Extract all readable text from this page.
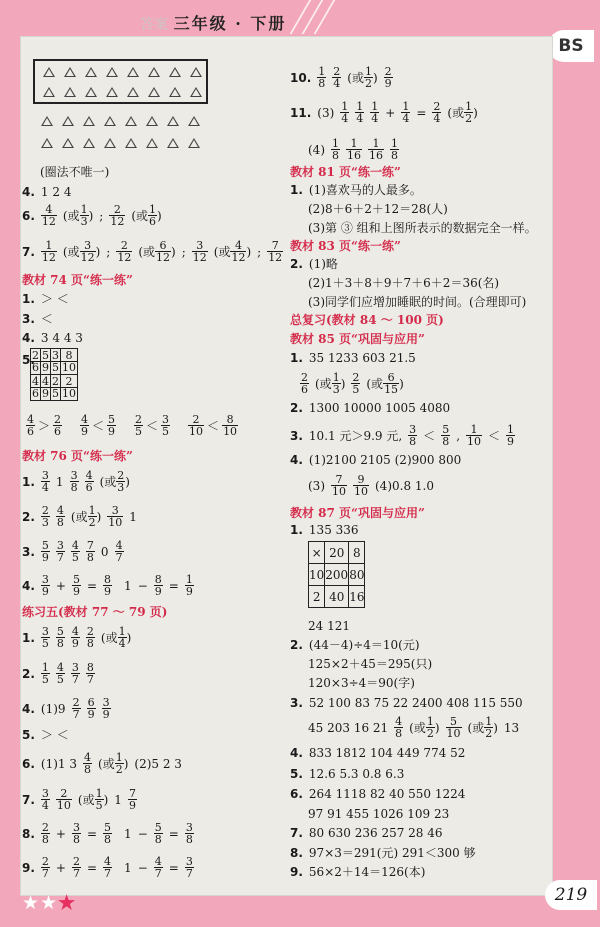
答案 三年级 · 下册
BS
(圈法不唯一)
4. 1 2 4
6. $\frac{4}{12}$ (或 $\frac{1}{3}$ ) ; $\frac{2}{12}$ (或 $\frac{1}{6}$ )
7. $\frac{1}{12}$ (或 $\frac{3}{12}$ ) ; $\frac{2}{12}$ (或 $\frac{6}{12}$ ) ; $\frac{3}{12}$ (或 $\frac{4}{12}$ ) ; $\frac{7}{12}$
教材 74 页“练一练”
1. ＞ ＜
3. ＜
4. 3 4 4 3
5.
$\frac{2}{6}$	$\frac{5}{9}$	$\frac{3}{5}$	$\frac{8}{10}$

$\frac{4}{6}$	$\frac{4}{9}$	$\frac{2}{5}$	$\frac{2}{10}$
$\frac{4}{6} > \frac{2}{6} \frac{4}{9} < \frac{5}{9} \frac{2}{5} < \frac{3}{5} \frac{2}{10} < \frac{8}{10}$
教材 76 页“练一练”
1. $\frac{3}{4} 1 \frac{3}{8} \frac{4}{6}$ (或 $\frac{2}{3}$ )
2. $\frac{2}{3} \frac{4}{8}$ (或 $\frac{1}{2}$ ) $\frac{3}{10} 1$
3. $\frac{5}{9} \frac{3}{7} \frac{4}{5} \frac{7}{8} 0 \frac{4}{7}$
4. $\frac{3}{9} + \frac{5}{9} = \frac{8}{9} 1 - \frac{8}{9} = \frac{1}{9}$
练习五(教材 77 ～ 79 页)
1. $\frac{3}{5} \frac{5}{8} \frac{4}{9} \frac{2}{8}$ (或 $\frac{1}{4}$ )
2. $\frac{1}{5} \frac{4}{5} \frac{3}{7} \frac{8}{7}$
4. $(1)9 \frac{2}{7} \frac{6}{9} \frac{3}{9}$
5. ＞ ＜
6. (1)1 $3 \frac{4}{8}$ (或 $\frac{1}{2}$ ) (2)5 2 3
7. $\frac{3}{4} \frac{2}{10}$ (或 $\frac{1}{5}$ ) $1 \frac{7}{9}$
8. $\frac{2}{8} + \frac{3}{8} = \frac{5}{8} 1 - \frac{5}{8} = \frac{3}{8}$
9. $\frac{2}{7} + \frac{2}{7} = \frac{4}{7} 1 - \frac{4}{7} = \frac{3}{7}$
10. $\frac{1}{8} \frac{2}{4}$ (或 $\frac{1}{2}$ ) $\frac{2}{9}$
11. $(3) \frac{1}{4} \frac{1}{4} \frac{1}{4} + \frac{1}{4} = \frac{2}{4}$ (或 $\frac{1}{2}$ )
$(4) \frac{1}{8} \frac{1}{16} \frac{1}{16} \frac{1}{8}$
教材 81 页“练一练”
1. (1)喜欢马的人最多。
(2)8＋6＋2＋12＝28(人)
(3)第 ③ 组和上图所表示的数据完全一样。
教材 83 页“练一练”
2. (1)略
(2)1＋3＋8＋9＋7＋6＋2＝36(名)
(3)同学们应增加睡眠的时间。(合理即可)
总复习(教材 84 ～ 100 页)
教材 85 页“巩固与应用”
1. 35 1233 603 21.5
$\frac{2}{6}$ (或 $\frac{1}{3}$ ) $\frac{2}{5}$ (或 $\frac{6}{15}$ )
2. 1300 10000 1005 4080
3. 10.1 元＞9.9 元, $\frac{3}{8} < \frac{5}{8}$ , $\frac{1}{10} < \frac{1}{9}$
4. (1)2100 2105 (2)900 800
$(3) \frac{7}{10} \frac{9}{10} (4)0.8$ 1.0
教材 87 页“巩固与应用”
1. 135 336
×	20	8
10	200	80
2	40	16
24 121
2. (44－4)÷4＝10(元)
125×2＋45＝295(只)
120×3÷4＝90(字)
3. 52 100 83 75 22 2400 408 115 550
45 203 16 $21 \frac{4}{8}$ (或 $\frac{1}{2}$ ) $\frac{5}{10}$ (或 $\frac{1}{2}$ ) 13
4. 833 1812 104 449 774 52
5. 12.6 5.3 0.8 6.3
6. 264 1118 82 40 550 1224
97 91 455 1026 109 23
7. 80 630 236 257 28 46
8. 97×3＝291(元) 291＜300 够
9. 56×2＋14＝126(本)
★★★	219
